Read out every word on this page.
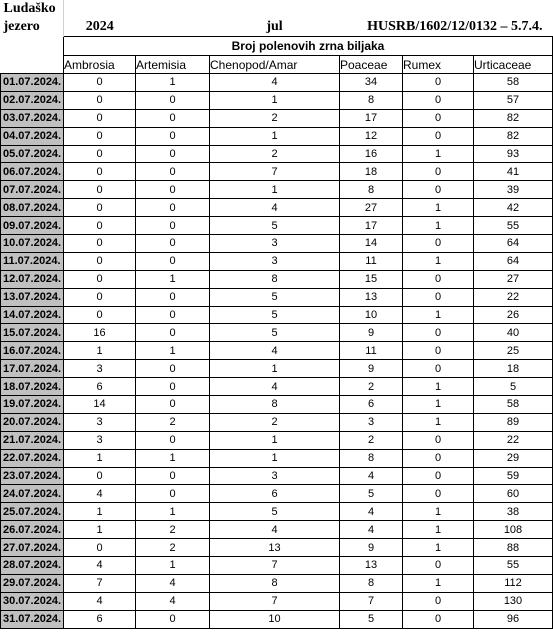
Ludaško						
jezero	2024		jul	HUSRB/1602/12/0132 – 5.7.4.		
	Broj polenovih zrna biljaka					
	Ambrosia	Artemisia	Chenopod/Amar	Poaceae	Rumex	Urticaceae
01.07.2024.	0	1	4	34	0	58
02.07.2024.	0	0	1	8	0	57
03.07.2024.	0	0	2	17	0	82
04.07.2024.	0	0	1	12	0	82
05.07.2024.	0	0	2	16	1	93
06.07.2024.	0	0	7	18	0	41
07.07.2024.	0	0	1	8	0	39
08.07.2024.	0	0	4	27	1	42
09.07.2024.	0	0	5	17	1	55
10.07.2024.	0	0	3	14	0	64
11.07.2024.	0	0	3	11	1	64
12.07.2024.	0	1	8	15	0	27
13.07.2024.	0	0	5	13	0	22
14.07.2024.	0	0	5	10	1	26
15.07.2024.	16	0	5	9	0	40
16.07.2024.	1	1	4	11	0	25
17.07.2024.	3	0	1	9	0	18
18.07.2024.	6	0	4	2	1	5
19.07.2024.	14	0	8	6	1	58
20.07.2024.	3	2	2	3	1	89
21.07.2024.	3	0	1	2	0	22
22.07.2024.	1	1	1	8	0	29
23.07.2024.	0	0	3	4	0	59
24.07.2024.	4	0	6	5	0	60
25.07.2024.	1	1	5	4	1	38
26.07.2024.	1	2	4	4	1	108
27.07.2024.	0	2	13	9	1	88
28.07.2024.	4	1	7	13	0	55
29.07.2024.	7	4	8	8	1	112
30.07.2024.	4	4	7	7	0	130
31.07.2024.	6	0	10	5	0	96
